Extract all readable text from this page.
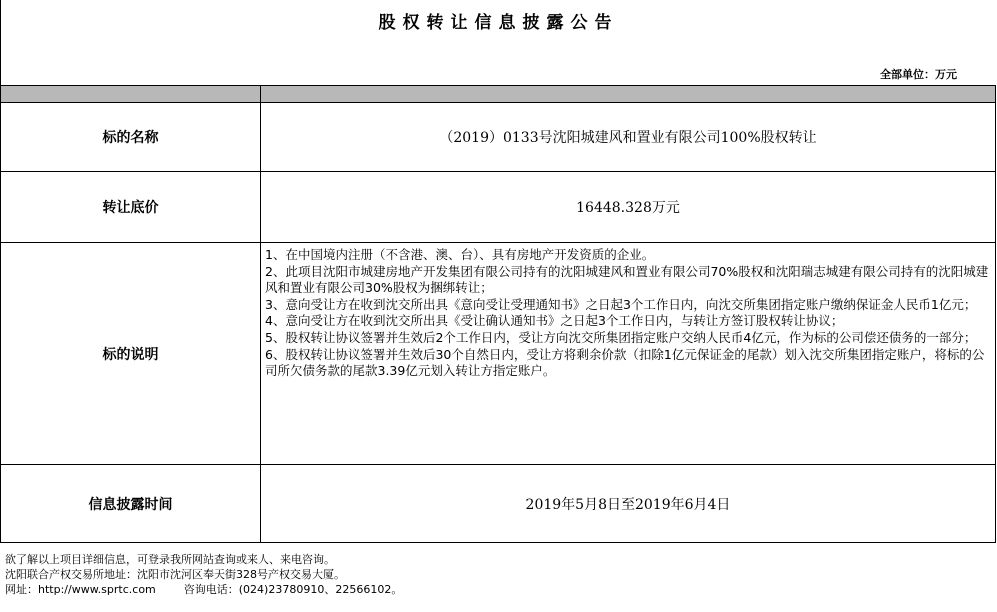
股权转让信息披露公告
全部单位：万元
标的名称	（2019）0133号沈阳城建风和置业有限公司100%股权转让
转让底价	16448.328万元
标的说明
1、在中国境内注册（不含港、澳、台）、具有房地产开发资质的企业。
2、此项目沈阳市城建房地产开发集团有限公司持有的沈阳城建风和置业有限公司70%股权和沈阳瑞志城建有限公司持有的沈阳城建风和置业有限公司30%股权为捆绑转让；
3、意向受让方在收到沈交所出具《意向受让受理通知书》之日起3个工作日内，向沈交所集团指定账户缴纳保证金人民币1亿元；
4、意向受让方在收到沈交所出具《受让确认通知书》之日起3个工作日内，与转让方签订股权转让协议；
5、股权转让协议签署并生效后2个工作日内，受让方向沈交所集团指定账户交纳人民币4亿元，作为标的公司偿还债务的一部分；
6、股权转让协议签署并生效后30个自然日内，受让方将剩余价款（扣除1亿元保证金的尾款）划入沈交所集团指定账户，将标的公司所欠债务款的尾款3.39亿元划入转让方指定账户。
信息披露时间	2019年5月8日至2019年6月4日
欲了解以上项目详细信息，可登录我所网站查询或来人、来电咨询。
沈阳联合产权交易所地址：沈阳市沈河区奉天街328号产权交易大厦。
网址：http://www.sprtc.com	咨询电话：(024)23780910、22566102。
